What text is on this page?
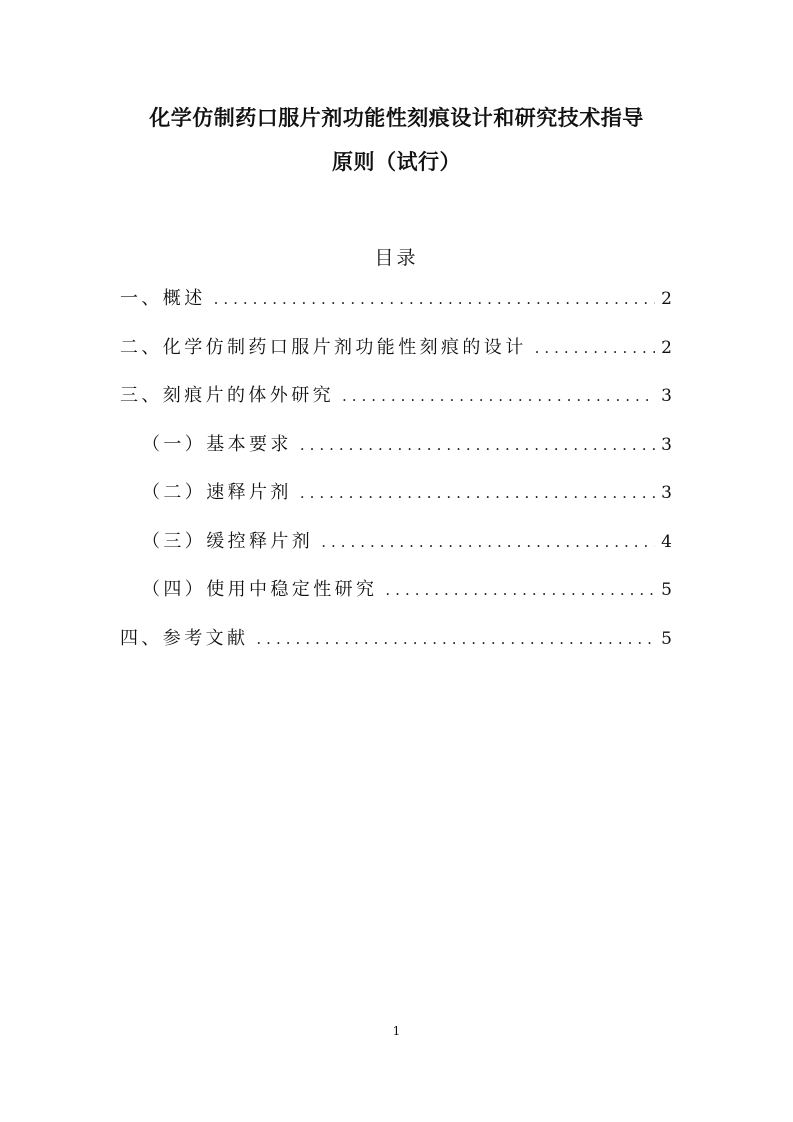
化学仿制药口服片剂功能性刻痕设计和研究技术指导
原则（试行）
目录
一、概述 .....	2
二、化学仿制药口服片剂功能性刻痕的设计 .....	2
三、刻痕片的体外研究 .....	3
（一）基本要求 .....	3
（二）速释片剂 .....	3
（三）缓控释片剂 .....	4
（四）使用中稳定性研究 .....	5
四、参考文献 .....	5
1
